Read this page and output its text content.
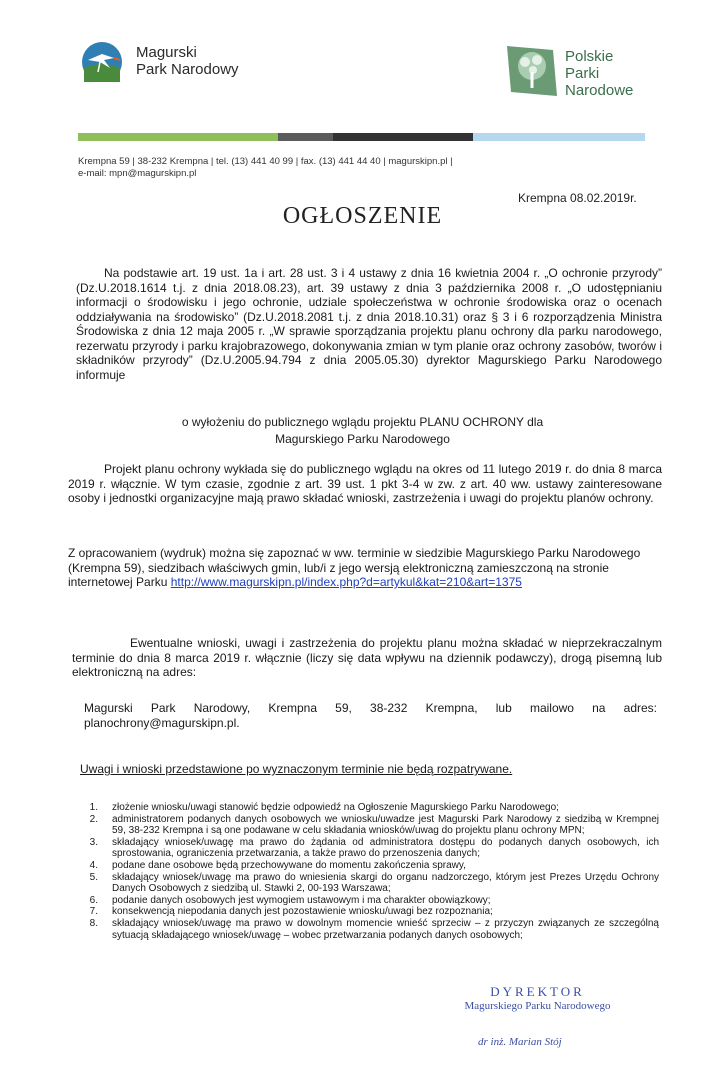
Magurski
Park Narodowy
Polskie
Parki
Narodowe
Krempna 59 | 38-232 Krempna | tel. (13) 441 40 99 | fax. (13) 441 44 40 | magurskipn.pl |
e-mail: mpn@magurskipn.pl
Krempna 08.02.2019r.
OGŁOSZENIE
Na podstawie art. 19 ust. 1a i art. 28 ust. 3 i 4 ustawy z dnia 16 kwietnia 2004 r. „O ochronie przyrody” (Dz.U.2018.1614 t.j. z dnia 2018.08.23), art. 39 ustawy z dnia 3 października 2008 r. „O udostępnianiu informacji o środowisku i jego ochronie, udziale społeczeństwa w ochronie środowiska oraz o ocenach oddziaływania na środowisko” (Dz.U.2018.2081 t.j. z dnia 2018.10.31) oraz § 3 i 6 rozporządzenia Ministra Środowiska z dnia 12 maja 2005 r. „W sprawie sporządzania projektu planu ochrony dla parku narodowego, rezerwatu przyrody i parku krajobrazowego, dokonywania zmian w tym planie oraz ochrony zasobów, tworów i składników przyrody” (Dz.U.2005.94.794 z dnia 2005.05.30) dyrektor Magurskiego Parku Narodowego informuje
o wyłożeniu do publicznego wglądu projektu PLANU OCHRONY dla
Magurskiego Parku Narodowego
Projekt planu ochrony wykłada się do publicznego wglądu na okres od 11 lutego 2019 r. do dnia 8 marca 2019 r. włącznie. W tym czasie, zgodnie z art. 39 ust. 1 pkt 3-4 w zw. z art. 40 ww. ustawy zainteresowane osoby i jednostki organizacyjne mają prawo składać wnioski, zastrzeżenia i uwagi do projektu planów ochrony.
Z opracowaniem (wydruk) można się zapoznać w ww. terminie w siedzibie Magurskiego Parku Narodowego (Krempna 59), siedzibach właściwych gmin, lub/i z jego wersją elektroniczną zamieszczoną na stronie internetowej Parku http://www.magurskipn.pl/index.php?d=artykul&kat=210&art=1375
Ewentualne wnioski, uwagi i zastrzeżenia do projektu planu można składać w nieprzekraczalnym terminie do dnia 8 marca 2019 r. włącznie (liczy się data wpływu na dziennik podawczy), drogą pisemną lub elektroniczną na adres:
Magurski Park Narodowy, Krempna 59, 38-232 Krempna, lub mailowo na adres: planochrony@magurskipn.pl.
Uwagi i wnioski przedstawione po wyznaczonym terminie nie będą rozpatrywane.
1. złożenie wniosku/uwagi stanowić będzie odpowiedź na Ogłoszenie Magurskiego Parku Narodowego;
2. administratorem podanych danych osobowych we wniosku/uwadze jest Magurski Park Narodowy z siedzibą w Krempnej 59, 38-232 Krempna i są one podawane w celu składania wniosków/uwag do projektu planu ochrony MPN;
3. składający wniosek/uwagę ma prawo do żądania od administratora dostępu do podanych danych osobowych, ich sprostowania, ograniczenia przetwarzania, a także prawo do przenoszenia danych;
4. podane dane osobowe będą przechowywane do momentu zakończenia sprawy,
5. składający wniosek/uwagę ma prawo do wniesienia skargi do organu nadzorczego, którym jest Prezes Urzędu Ochrony Danych Osobowych z siedzibą ul. Stawki 2, 00-193 Warszawa;
6. podanie danych osobowych jest wymogiem ustawowym i ma charakter obowiązkowy;
7. konsekwencją niepodania danych jest pozostawienie wniosku/uwagi bez rozpoznania;
8. składający wniosek/uwagę ma prawo w dowolnym momencie wnieść sprzeciw – z przyczyn związanych ze szczególną sytuacją składającego wniosek/uwagę – wobec przetwarzania podanych danych osobowych;
DYREKTOR
Magurskiego Parku Narodowego
dr inż. Marian Stój
